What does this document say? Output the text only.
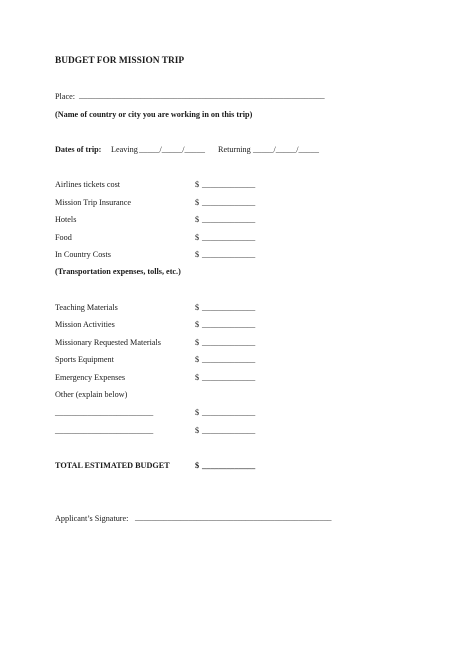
BUDGET FOR MISSION TRIP
Place: ____________________________________________________________
(Name of country or city you are working in on this trip)
Dates of trip: Leaving _____/_____/_____ Returning _____/_____/_____
Airlines tickets cost	$ _____________
Mission Trip Insurance	$ _____________
Hotels	$ _____________
Food	$ _____________
In Country Costs	$ _____________
(Transportation expenses, tolls, etc.)
Teaching Materials	$ _____________
Mission Activities	$ _____________
Missionary Requested Materials	$ _____________
Sports Equipment	$ _____________
Emergency Expenses	$ _____________
Other (explain below)
________________________	$ _____________
________________________	$ _____________
TOTAL ESTIMATED BUDGET	$ _____________
Applicant’s Signature: ________________________________________________
